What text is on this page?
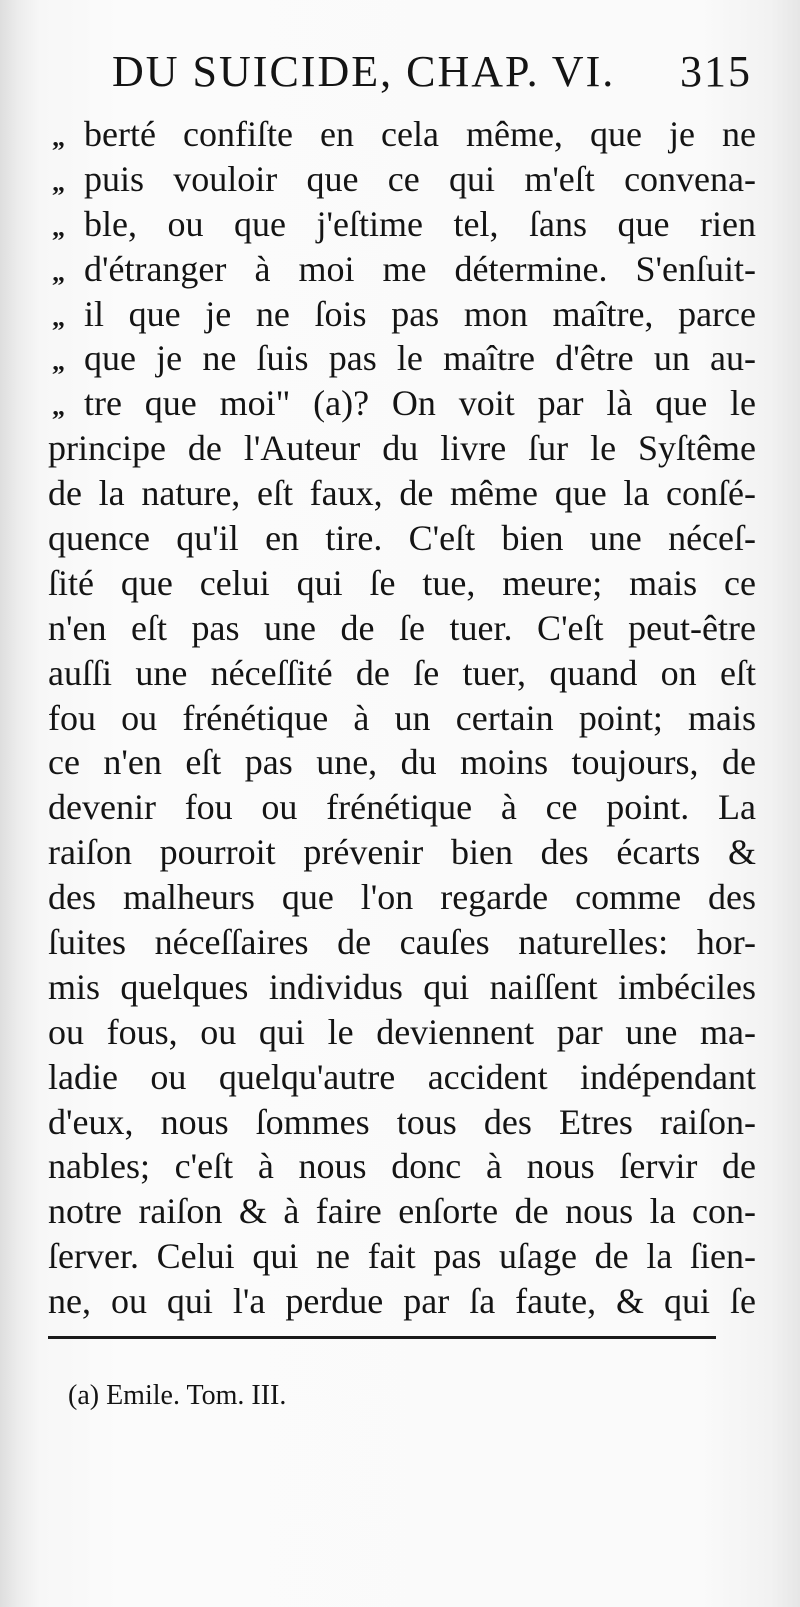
DU SUICIDE, CHAP. VI. 315
„ berté confiſte en cela même, que je ne
„ puis vouloir que ce qui m'eſt convena-
„ ble, ou que j'eſtime tel, ſans que rien
„ d'étranger à moi me détermine. S'enſuit-
„ il que je ne ſois pas mon maître, parce
„ que je ne ſuis pas le maître d'être un au-
„ tre que moi" (a)? On voit par là que le
principe de l'Auteur du livre ſur le Syſtême
de la nature, eſt faux, de même que la conſé-
quence qu'il en tire. C'eſt bien une néceſ-
ſité que celui qui ſe tue, meure; mais ce
n'en eſt pas une de ſe tuer. C'eſt peut-être
auſſi une néceſſité de ſe tuer, quand on eſt
fou ou frénétique à un certain point; mais
ce n'en eſt pas une, du moins toujours, de
devenir fou ou frénétique à ce point. La
raiſon pourroit prévenir bien des écarts &
des malheurs que l'on regarde comme des
ſuites néceſſaires de cauſes naturelles: hor-
mis quelques individus qui naiſſent imbéciles
ou fous, ou qui le deviennent par une ma-
ladie ou quelqu'autre accident indépendant
d'eux, nous ſommes tous des Etres raiſon-
nables; c'eſt à nous donc à nous ſervir de
notre raiſon & à faire enſorte de nous la con-
ſerver. Celui qui ne fait pas uſage de la ſien-
ne, ou qui l'a perdue par ſa faute, & qui ſe
(a) Emile. Tom. III.
